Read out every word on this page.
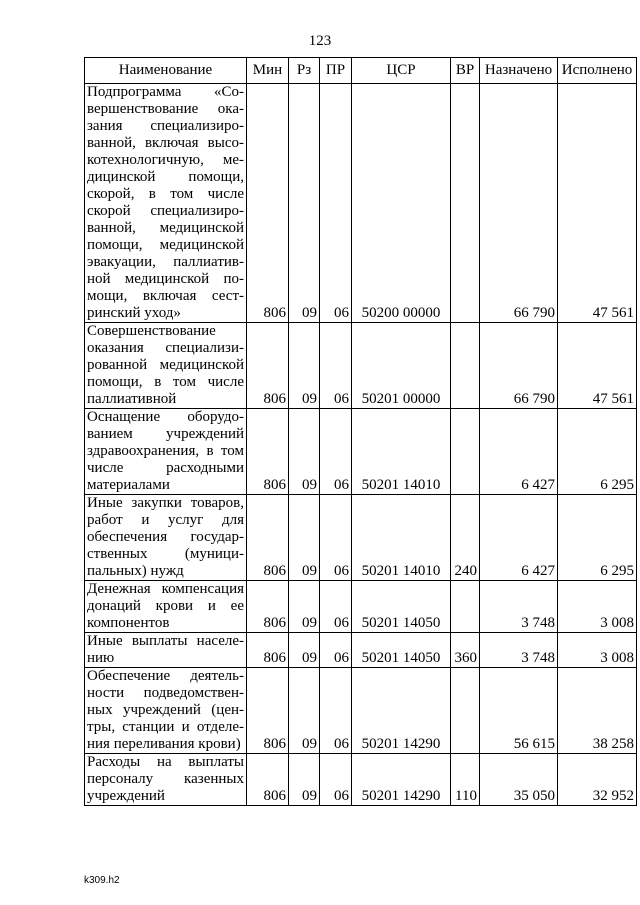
123
Наименование	Мин	Рз	ПР	ЦСР	ВР	Назначено	Исполнено
Подпрограмма «Совершенствование оказания специализированной, включая высокотехнологичную, медицинской помощи, скорой, в том числе скорой специализированной, медицинской помощи, медицинской эвакуации, паллиативной медицинской помощи, включая сестринский уход»	806	09	06	50200 00000		66 790	47 561
Совершенствование оказания специализированной медицинской помощи, в том числе паллиативной	806	09	06	50201 00000		66 790	47 561
Оснащение оборудованием учреждений здравоохранения, в том числе расходными материалами	806	09	06	50201 14010		6 427	6 295
Иные закупки товаров, работ и услуг для обеспечения государственных (муниципальных) нужд	806	09	06	50201 14010	240	6 427	6 295
Денежная компенсация донаций крови и ее компонентов	806	09	06	50201 14050		3 748	3 008
Иные выплаты населению	806	09	06	50201 14050	360	3 748	3 008
Обеспечение деятельности подведомственных учреждений (центры, станции и отделения переливания крови)	806	09	06	50201 14290		56 615	38 258
Расходы на выплаты персоналу казенных учреждений	806	09	06	50201 14290	110	35 050	32 952
k309.h2
